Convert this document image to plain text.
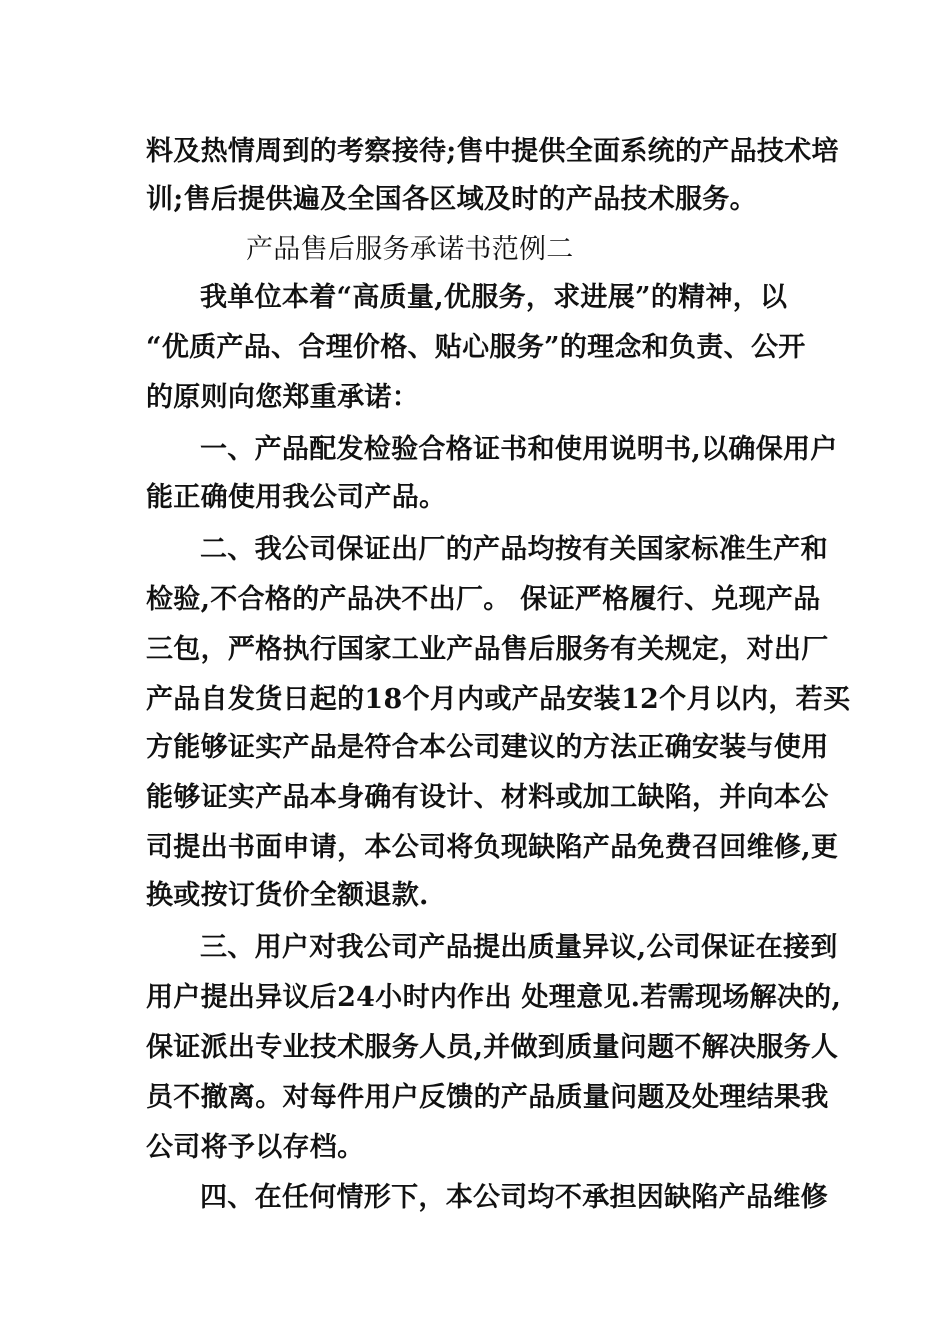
料及热情周到的考察接待;售中提供全面系统的产品技术培
训;售后提供遍及全国各区域及时的产品技术服务。
产品售后服务承诺书范例二
我单位本着“高质量,优服务，求进展”的精神，以
“优质产品、合理价格、贴心服务”的理念和负责、公开
的原则向您郑重承诺：
一、产品配发检验合格证书和使用说明书,以确保用户
能正确使用我公司产品。
二、我公司保证出厂的产品均按有关国家标准生产和
检验,不合格的产品决不出厂。 保证严格履行、兑现产品
三包，严格执行国家工业产品售后服务有关规定，对出厂
产品自发货日起的18个月内或产品安装12个月以内，若买
方能够证实产品是符合本公司建议的方法正确安装与使用
能够证实产品本身确有设计、材料或加工缺陷，并向本公
司提出书面申请，本公司将负现缺陷产品免费召回维修,更
换或按订货价全额退款.
三、用户对我公司产品提出质量异议,公司保证在接到
用户提出异议后24小时内作出 处理意见.若需现场解决的,
保证派出专业技术服务人员,并做到质量问题不解决服务人
员不撤离。对每件用户反馈的产品质量问题及处理结果我
公司将予以存档。
四、在任何情形下，本公司均不承担因缺陷产品维修
